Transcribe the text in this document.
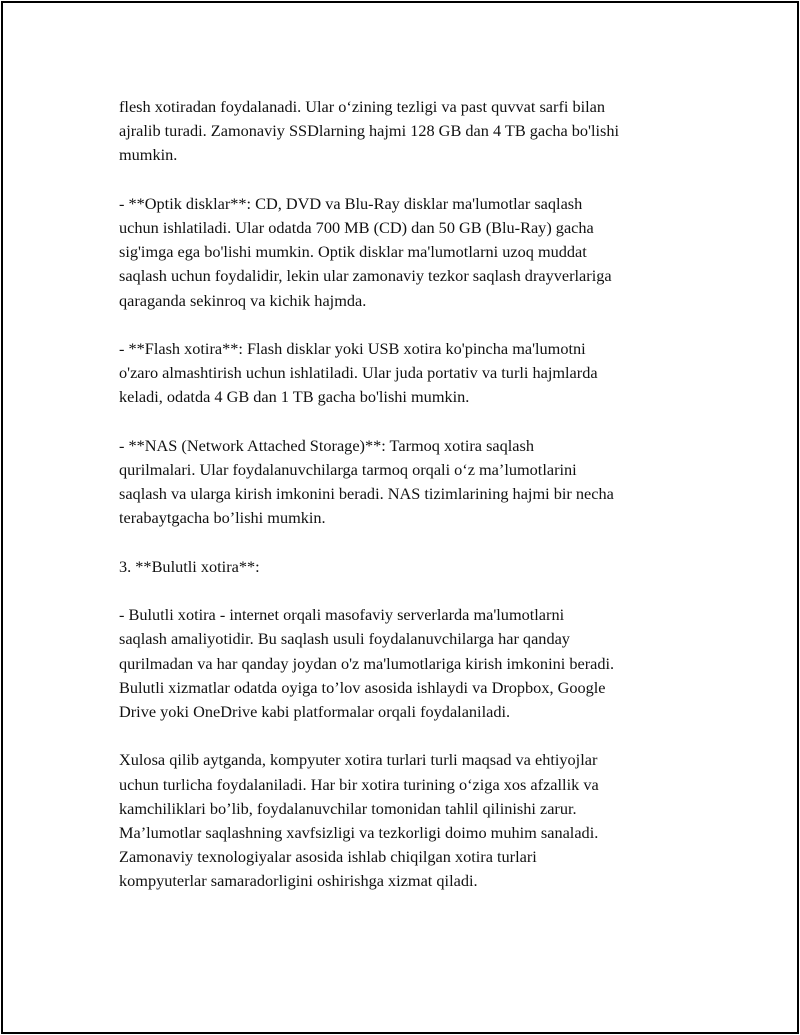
flesh xotiradan foydalanadi. Ular o‘zining tezligi va past quvvat sarfi bilan
ajralib turadi. Zamonaviy SSDlarning hajmi 128 GB dan 4 TB gacha bo'lishi
mumkin.

- **Optik disklar**: CD, DVD va Blu-Ray disklar ma'lumotlar saqlash
uchun ishlatiladi. Ular odatda 700 MB (CD) dan 50 GB (Blu-Ray) gacha
sig'imga ega bo'lishi mumkin. Optik disklar ma'lumotlarni uzoq muddat
saqlash uchun foydalidir, lekin ular zamonaviy tezkor saqlash drayverlariga
qaraganda sekinroq va kichik hajmda.

- **Flash xotira**: Flash disklar yoki USB xotira ko'pincha ma'lumotni
o'zaro almashtirish uchun ishlatiladi. Ular juda portativ va turli hajmlarda
keladi, odatda 4 GB dan 1 TB gacha bo'lishi mumkin.

- **NAS (Network Attached Storage)**: Tarmoq xotira saqlash
qurilmalari. Ular foydalanuvchilarga tarmoq orqali o‘z ma’lumotlarini
saqlash va ularga kirish imkonini beradi. NAS tizimlarining hajmi bir necha
terabaytgacha bo’lishi mumkin.

3. **Bulutli xotira**:

- Bulutli xotira - internet orqali masofaviy serverlarda ma'lumotlarni
saqlash amaliyotidir. Bu saqlash usuli foydalanuvchilarga har qanday
qurilmadan va har qanday joydan o'z ma'lumotlariga kirish imkonini beradi.
Bulutli xizmatlar odatda oyiga to’lov asosida ishlaydi va Dropbox, Google
Drive yoki OneDrive kabi platformalar orqali foydalaniladi.

Xulosa qilib aytganda, kompyuter xotira turlari turli maqsad va ehtiyojlar
uchun turlicha foydalaniladi. Har bir xotira turining o‘ziga xos afzallik va
kamchiliklari bo’lib, foydalanuvchilar tomonidan tahlil qilinishi zarur.
Ma’lumotlar saqlashning xavfsizligi va tezkorligi doimo muhim sanaladi.
Zamonaviy texnologiyalar asosida ishlab chiqilgan xotira turlari
kompyuterlar samaradorligini oshirishga xizmat qiladi.
